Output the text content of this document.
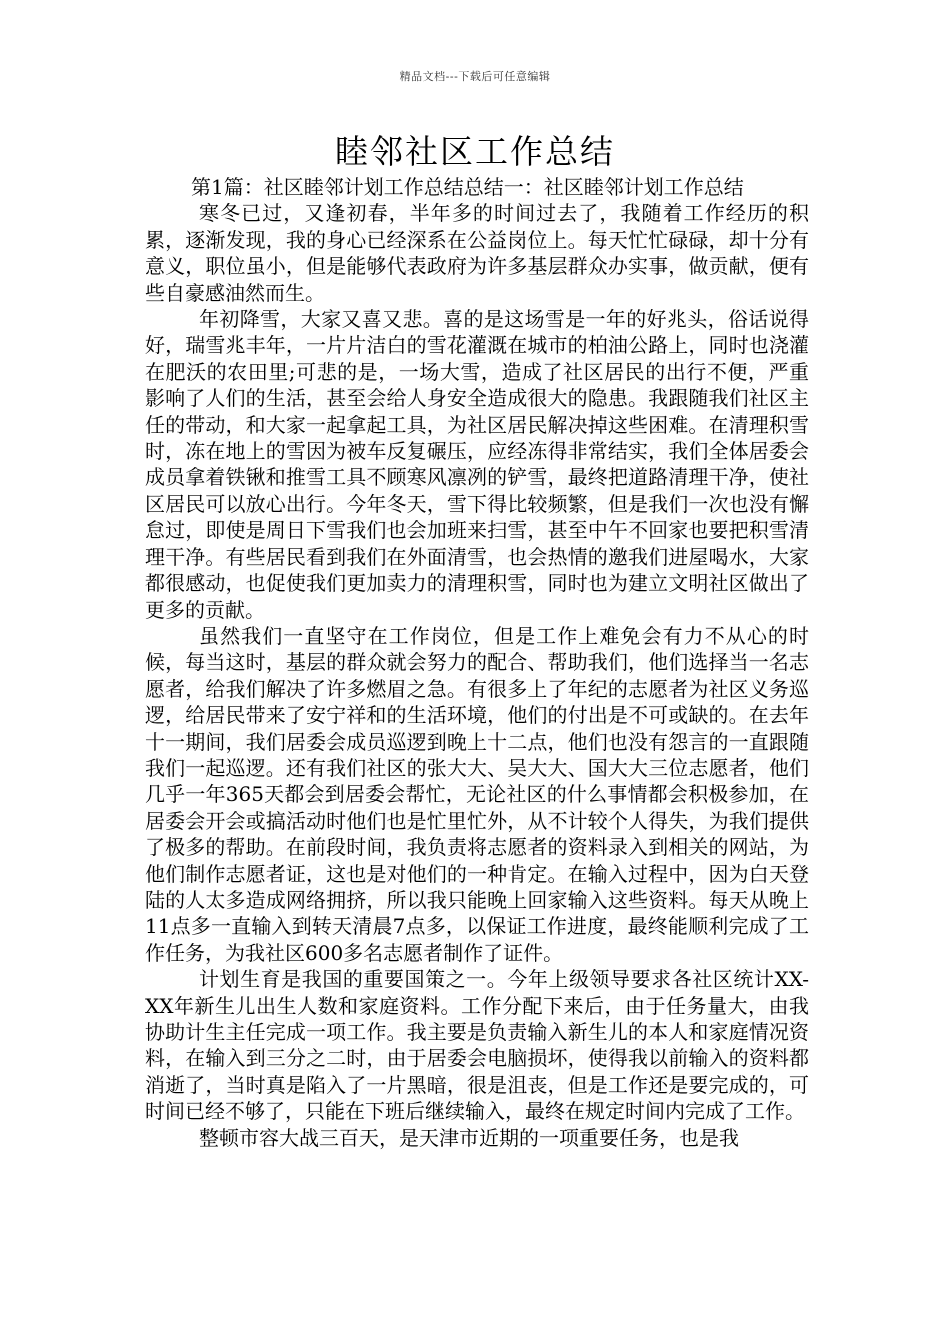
精品文档---下载后可任意编辑
睦邻社区工作总结

第1篇：社区睦邻计划工作总结总结一：社区睦邻计划工作总结

寒冬已过，又逢初春，半年多的时间过去了，我随着工作经历的积累，逐渐发现，我的身心已经深系在公益岗位上。每天忙忙碌碌，却十分有意义，职位虽小，但是能够代表政府为许多基层群众办实事，做贡献，便有些自豪感油然而生。

年初降雪，大家又喜又悲。喜的是这场雪是一年的好兆头，俗话说得好，瑞雪兆丰年，一片片洁白的雪花灌溉在城市的柏油公路上，同时也浇灌在肥沃的农田里;可悲的是，一场大雪，造成了社区居民的出行不便，严重影响了人们的生活，甚至会给人身安全造成很大的隐患。我跟随我们社区主任的带动，和大家一起拿起工具，为社区居民解决掉这些困难。在清理积雪时，冻在地上的雪因为被车反复碾压，应经冻得非常结实，我们全体居委会成员拿着铁锹和推雪工具不顾寒风凛冽的铲雪，最终把道路清理干净，使社区居民可以放心出行。今年冬天，雪下得比较频繁，但是我们一次也没有懈怠过，即使是周日下雪我们也会加班来扫雪，甚至中午不回家也要把积雪清理干净。有些居民看到我们在外面清雪，也会热情的邀我们进屋喝水，大家都很感动，也促使我们更加卖力的清理积雪，同时也为建立文明社区做出了更多的贡献。

虽然我们一直坚守在工作岗位，但是工作上难免会有力不从心的时候，每当这时，基层的群众就会努力的配合、帮助我们，他们选择当一名志愿者，给我们解决了许多燃眉之急。有很多上了年纪的志愿者为社区义务巡逻，给居民带来了安宁祥和的生活环境，他们的付出是不可或缺的。在去年十一期间，我们居委会成员巡逻到晚上十二点，他们也没有怨言的一直跟随我们一起巡逻。还有我们社区的张大大、吴大大、国大大三位志愿者，他们几乎一年365天都会到居委会帮忙，无论社区的什么事情都会积极参加，在居委会开会或搞活动时他们也是忙里忙外，从不计较个人得失，为我们提供了极多的帮助。在前段时间，我负责将志愿者的资料录入到相关的网站，为他们制作志愿者证，这也是对他们的一种肯定。在输入过程中，因为白天登陆的人太多造成网络拥挤，所以我只能晚上回家输入这些资料。每天从晚上11点多一直输入到转天清晨7点多，以保证工作进度，最终能顺利完成了工作任务，为我社区600多名志愿者制作了证件。

计划生育是我国的重要国策之一。今年上级领导要求各社区统计XX-XX年新生儿出生人数和家庭资料。工作分配下来后，由于任务量大，由我协助计生主任完成一项工作。我主要是负责输入新生儿的本人和家庭情况资料，在输入到三分之二时，由于居委会电脑损坏，使得我以前输入的资料都消逝了，当时真是陷入了一片黑暗，很是沮丧，但是工作还是要完成的，可时间已经不够了，只能在下班后继续输入，最终在规定时间内完成了工作。

整顿市容大战三百天，是天津市近期的一项重要任务，也是我
